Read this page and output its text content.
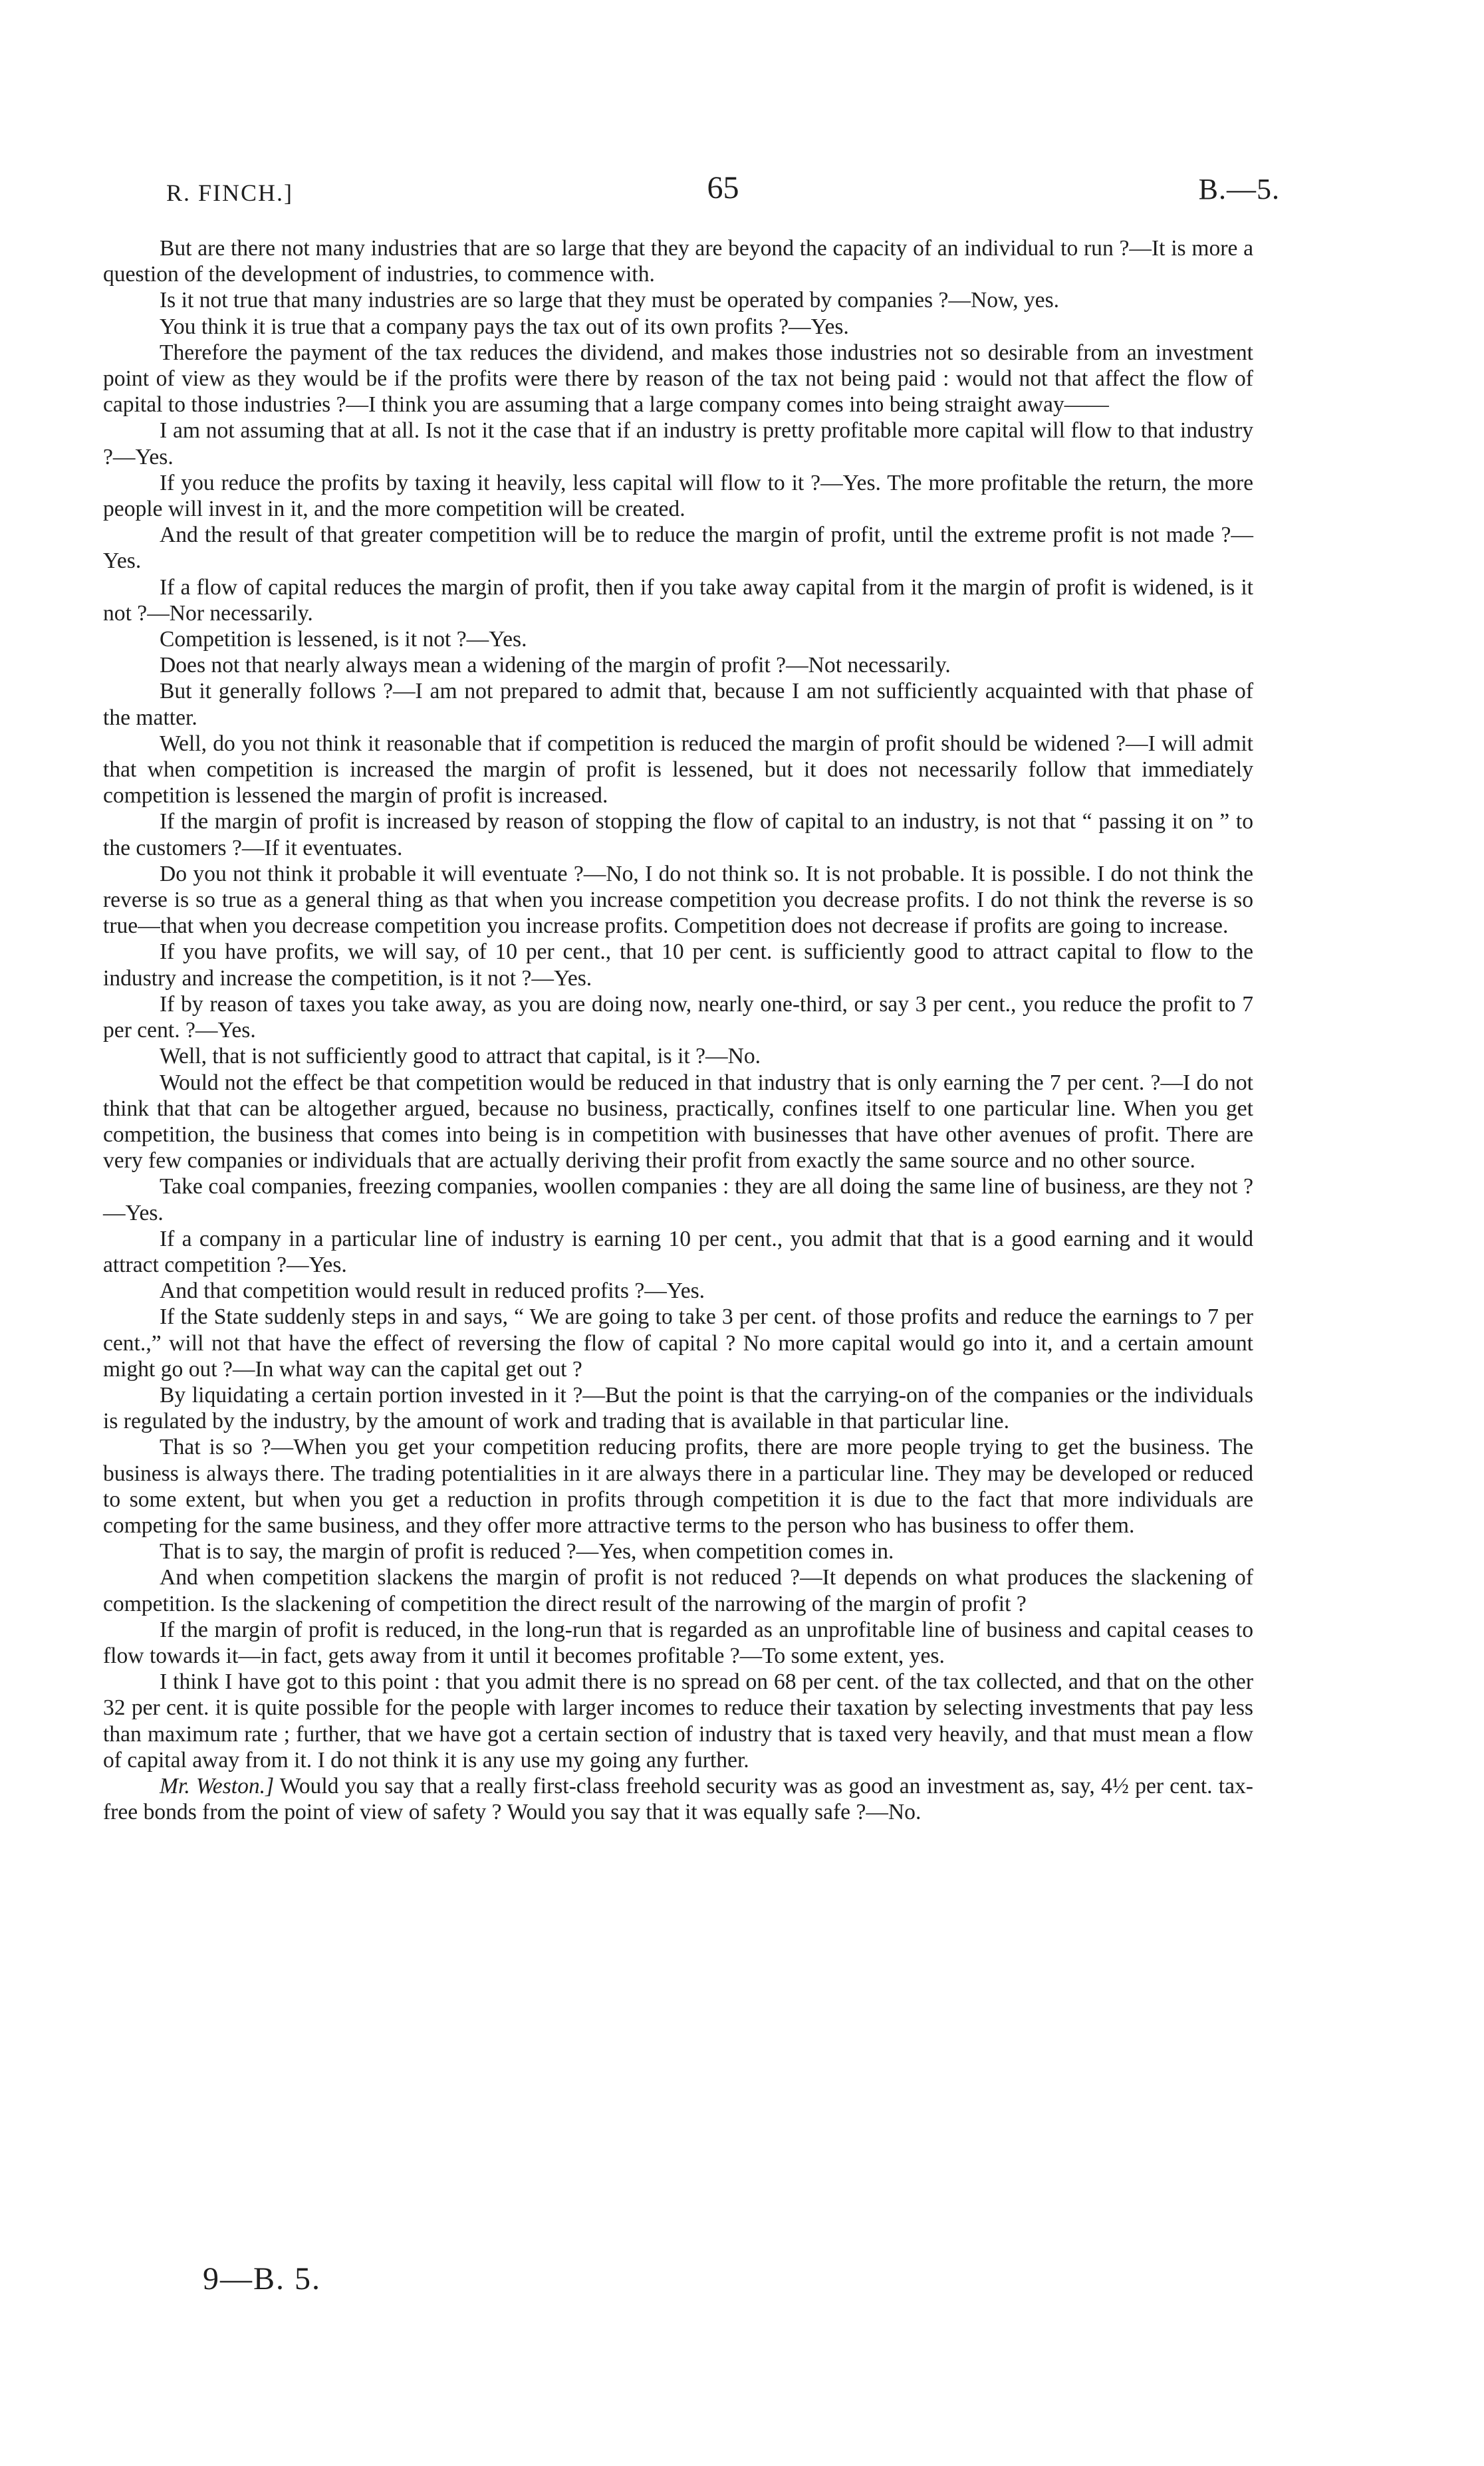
R. FINCH.]	65	B.—5.

But are there not many industries that are so large that they are beyond the capacity of an individual to run ?—It is more a question of the development of industries, to commence with.

Is it not true that many industries are so large that they must be operated by companies ?—Now, yes.

You think it is true that a company pays the tax out of its own profits ?—Yes.

Therefore the payment of the tax reduces the dividend, and makes those industries not so desirable from an investment point of view as they would be if the profits were there by reason of the tax not being paid : would not that affect the flow of capital to those industries ?—I think you are assuming that a large company comes into being straight away——

I am not assuming that at all. Is not it the case that if an industry is pretty profitable more capital will flow to that industry ?—Yes.

If you reduce the profits by taxing it heavily, less capital will flow to it ?—Yes. The more profitable the return, the more people will invest in it, and the more competition will be created.

And the result of that greater competition will be to reduce the margin of profit, until the extreme profit is not made ?—Yes.

If a flow of capital reduces the margin of profit, then if you take away capital from it the margin of profit is widened, is it not ?—Nor necessarily.

Competition is lessened, is it not ?—Yes.

Does not that nearly always mean a widening of the margin of profit ?—Not necessarily.

But it generally follows ?—I am not prepared to admit that, because I am not sufficiently acquainted with that phase of the matter.

Well, do you not think it reasonable that if competition is reduced the margin of profit should be widened ?—I will admit that when competition is increased the margin of profit is lessened, but it does not necessarily follow that immediately competition is lessened the margin of profit is increased.

If the margin of profit is increased by reason of stopping the flow of capital to an industry, is not that “ passing it on ” to the customers ?—If it eventuates.

Do you not think it probable it will eventuate ?—No, I do not think so. It is not probable. It is possible. I do not think the reverse is so true as a general thing as that when you increase competition you decrease profits. I do not think the reverse is so true—that when you decrease competition you increase profits. Competition does not decrease if profits are going to increase.

If you have profits, we will say, of 10 per cent., that 10 per cent. is sufficiently good to attract capital to flow to the industry and increase the competition, is it not ?—Yes.

If by reason of taxes you take away, as you are doing now, nearly one-third, or say 3 per cent., you reduce the profit to 7 per cent. ?—Yes.

Well, that is not sufficiently good to attract that capital, is it ?—No.

Would not the effect be that competition would be reduced in that industry that is only earning the 7 per cent. ?—I do not think that that can be altogether argued, because no business, practically, confines itself to one particular line. When you get competition, the business that comes into being is in competition with businesses that have other avenues of profit. There are very few companies or individuals that are actually deriving their profit from exactly the same source and no other source.

Take coal companies, freezing companies, woollen companies : they are all doing the same line of business, are they not ?—Yes.

If a company in a particular line of industry is earning 10 per cent., you admit that that is a good earning and it would attract competition ?—Yes.

And that competition would result in reduced profits ?—Yes.

If the State suddenly steps in and says, “ We are going to take 3 per cent. of those profits and reduce the earnings to 7 per cent.,” will not that have the effect of reversing the flow of capital ? No more capital would go into it, and a certain amount might go out ?—In what way can the capital get out ?

By liquidating a certain portion invested in it ?—But the point is that the carrying-on of the companies or the individuals is regulated by the industry, by the amount of work and trading that is available in that particular line.

That is so ?—When you get your competition reducing profits, there are more people trying to get the business. The business is always there. The trading potentialities in it are always there in a particular line. They may be developed or reduced to some extent, but when you get a reduction in profits through competition it is due to the fact that more individuals are competing for the same business, and they offer more attractive terms to the person who has business to offer them.

That is to say, the margin of profit is reduced ?—Yes, when competition comes in.

And when competition slackens the margin of profit is not reduced ?—It depends on what produces the slackening of competition. Is the slackening of competition the direct result of the narrowing of the margin of profit ?

If the margin of profit is reduced, in the long-run that is regarded as an unprofitable line of business and capital ceases to flow towards it—in fact, gets away from it until it becomes profitable ?—To some extent, yes.

I think I have got to this point : that you admit there is no spread on 68 per cent. of the tax collected, and that on the other 32 per cent. it is quite possible for the people with larger incomes to reduce their taxation by selecting investments that pay less than maximum rate ; further, that we have got a certain section of industry that is taxed very heavily, and that must mean a flow of capital away from it. I do not think it is any use my going any further.

Mr. Weston.] Would you say that a really first-class freehold security was as good an investment as, say, 4½ per cent. tax-free bonds from the point of view of safety ? Would you say that it was equally safe ?—No.

9—B. 5.
